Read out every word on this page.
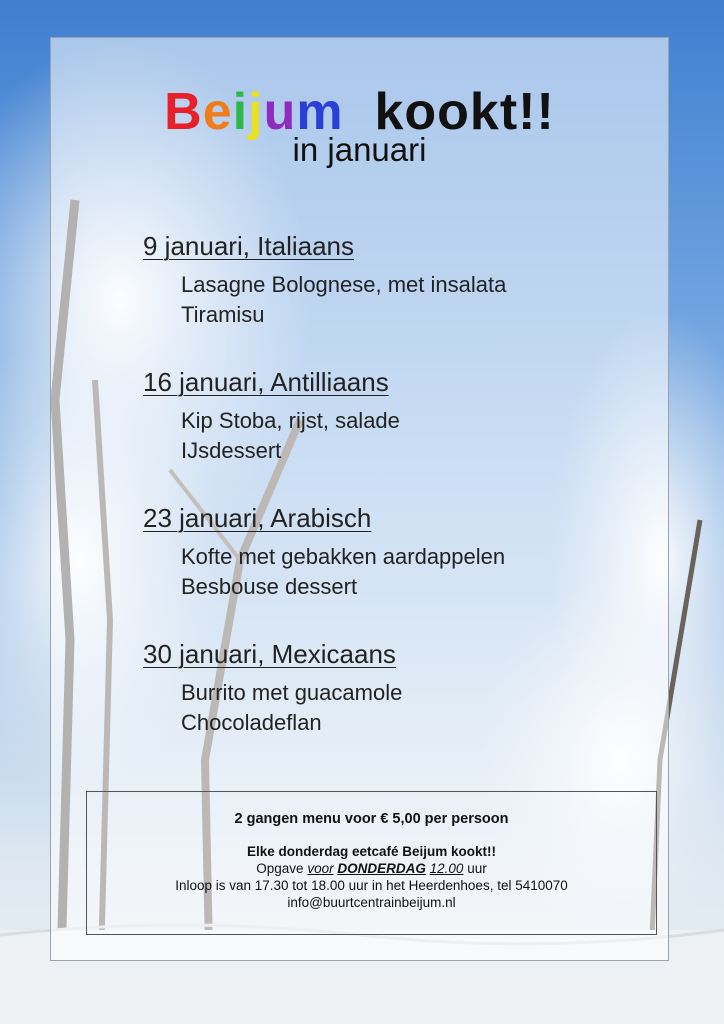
Beijum kookt!!
in januari
9 januari, Italiaans
Lasagne Bolognese, met insalata
Tiramisu
16 januari, Antilliaans
Kip Stoba, rijst, salade
IJsdessert
23 januari, Arabisch
Kofte met gebakken aardappelen
Besbouse dessert
30 januari, Mexicaans
Burrito met guacamole
Chocoladeflan
2 gangen menu voor € 5,00 per persoon
Elke donderdag eetcafé Beijum kookt!!
Opgave voor DONDERDAG 12.00 uur
Inloop is van 17.30 tot 18.00 uur in het Heerdenhoes, tel 5410070
info@buurtcentrainbeijum.nl
